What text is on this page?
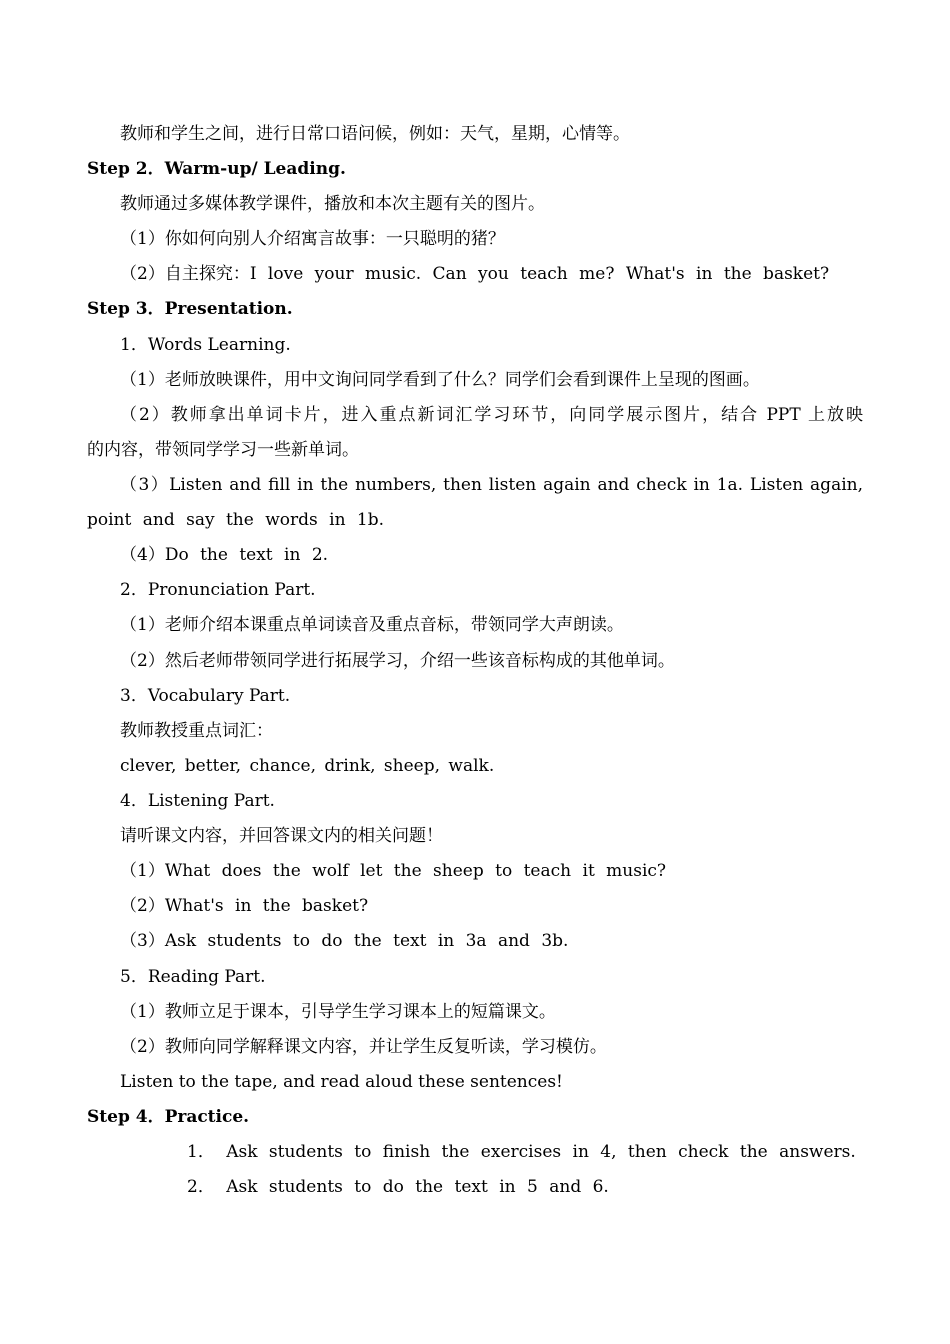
教师和学生之间，进行日常口语问候，例如：天气，星期，心情等。
Step 2．Warm-up/ Leading.
教师通过多媒体教学课件，播放和本次主题有关的图片。
（1）你如何向别人介绍寓言故事：一只聪明的猪？
（2）自主探究：I love your music. Can you teach me? What's in the basket?
Step 3．Presentation.
1．Words Learning.
（1）老师放映课件，用中文询问同学看到了什么？同学们会看到课件上呈现的图画。
（2）教师拿出单词卡片，进入重点新词汇学习环节，向同学展示图片，结合 PPT 上放映
的内容，带领同学学习一些新单词。
（3）Listen and fill in the numbers, then listen again and check in 1a. Listen again,
point and say the words in 1b.
（4）Do the text in 2.
2．Pronunciation Part.
（1）老师介绍本课重点单词读音及重点音标，带领同学大声朗读。
（2）然后老师带领同学进行拓展学习，介绍一些该音标构成的其他单词。
3．Vocabulary Part.
教师教授重点词汇：
clever, better, chance, drink, sheep, walk.
4．Listening Part.
请听课文内容，并回答课文内的相关问题！
（1）What does the wolf let the sheep to teach it music?
（2）What's in the basket?
（3）Ask students to do the text in 3a and 3b.
5．Reading Part.
（1）教师立足于课本，引导学生学习课本上的短篇课文。
（2）教师向同学解释课文内容，并让学生反复听读，学习模仿。
Listen to the tape, and read aloud these sentences!
Step 4．Practice.
1． Ask students to finish the exercises in 4, then check the answers.
2． Ask students to do the text in 5 and 6.
